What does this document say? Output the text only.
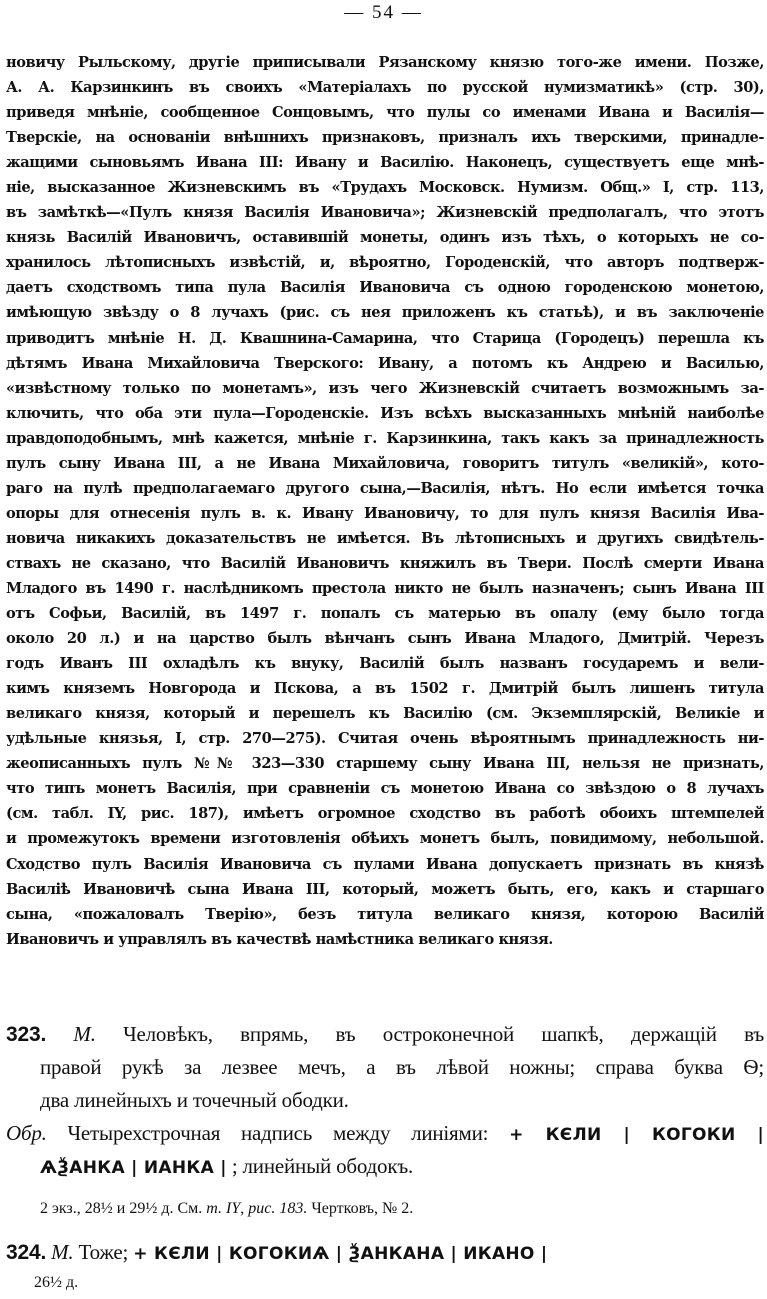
— 54 —
новичу Рыльскому, другіе приписывали Рязанскому князю того-же имени. Позже,
А. А. Карзинкинъ въ своихъ «Матеріалахъ по русской нумизматикѣ» (стр. 30),
приведя мнѣніе, сообщенное Сонцовымъ, что пулы со именами Ивана и Василія—
Тверскіе, на основаніи внѣшнихъ признаковъ, призналъ ихъ тверскими, принадле-
жащими сыновьямъ Ивана III: Ивану и Василію. Наконецъ, существуетъ еще мнѣ-
ніе, высказанное Жизневскимъ въ «Трудахъ Московск. Нумизм. Общ.» I, стр. 113,
въ замѣткѣ—«Пулъ князя Василія Ивановича»; Жизневскій предполагалъ, что этотъ
князь Василій Ивановичъ, оставившій монеты, одинъ изъ тѣхъ, о которыхъ не со-
хранилось лѣтописныхъ извѣстій, и, вѣроятно, Городенскій, что авторъ подтверж-
даетъ сходствомъ типа пула Василія Ивановича съ одною городенскою монетою,
имѣющую звѣзду о 8 лучахъ (рис. съ нея приложенъ къ статьѣ), и въ заключеніе
приводитъ мнѣніе Н. Д. Квашнина-Самарина, что Старица (Городецъ) перешла къ
дѣтямъ Ивана Михайловича Тверского: Ивану, а потомъ къ Андрею и Василью,
«извѣстному только по монетамъ», изъ чего Жизневскій считаетъ возможнымъ за-
ключить, что оба эти пула—Городенскіе. Изъ всѣхъ высказанныхъ мнѣній наиболѣе
правдоподобнымъ, мнѣ кажется, мнѣніе г. Карзинкина, такъ какъ за принадлежность
пулъ сыну Ивана III, а не Ивана Михайловича, говоритъ титулъ «великій», кото-
раго на пулѣ предполагаемаго другого сына,—Василія, нѣтъ. Но если имѣется точка
опоры для отнесенія пулъ в. к. Ивану Ивановичу, то для пулъ князя Василія Ива-
новича никакихъ доказательствъ не имѣется. Въ лѣтописныхъ и другихъ свидѣтель-
ствахъ не сказано, что Василій Ивановичъ княжилъ въ Твери. Послѣ смерти Ивана
Младого въ 1490 г. наслѣдникомъ престола никто не былъ назначенъ; сынъ Ивана III
отъ Софьи, Василій, въ 1497 г. попалъ съ матерью въ опалу (ему было тогда
около 20 л.) и на царство былъ вѣнчанъ сынъ Ивана Младого, Дмитрій. Черезъ
годъ Иванъ III охладѣлъ къ внуку, Василій былъ названъ государемъ и вели-
кимъ княземъ Новгорода и Пскова, а въ 1502 г. Дмитрій былъ лишенъ титула
великаго князя, который и перешелъ къ Василію (см. Экземплярскій, Великіе и
удѣльные князья, I, стр. 270—275). Считая очень вѣроятнымъ принадлежность ни-
жеописанныхъ пулъ №№ 323—330 старшему сыну Ивана III, нельзя не признать,
что типъ монетъ Василія, при сравненіи съ монетою Ивана со звѣздою о 8 лучахъ
(см. табл. IY, рис. 187), имѣетъ огромное сходство въ работѣ обоихъ штемпелей
и промежутокъ времени изготовленія обѣихъ монетъ былъ, повидимому, небольшой.
Сходство пулъ Василія Ивановича съ пулами Ивана допускаетъ признать въ князѣ
Василіѣ Ивановичѣ сына Ивана III, который, можетъ быть, его, какъ и старшаго
сына, «пожаловалъ Тверію», безъ титула великаго князя, которою Василій
Ивановичъ и управлялъ въ качествѣ намѣстника великаго князя.
323. М. Человѣкъ, впрямь, въ остроконечной шапкѣ, держащій въ
правой рукѣ за лезвее мечъ, а въ лѣвой ножны; справа буква Ѳ;
два линейныхъ и точечный ободки.
Обр. Четырехстрочная надпись между линіями: + КЄЛИ | КОГОКИ |
ѦѮАНКА | ИАНКА | ; линейный ободокъ.
2 экз., 28½ и 29½ д. См. т. IY, рис. 183. Чертковъ, № 2.
324. М. Тоже; + КЄЛИ | КОГОКИѦ | ѮАНКАНА | ИКАНО |
26½ д.
